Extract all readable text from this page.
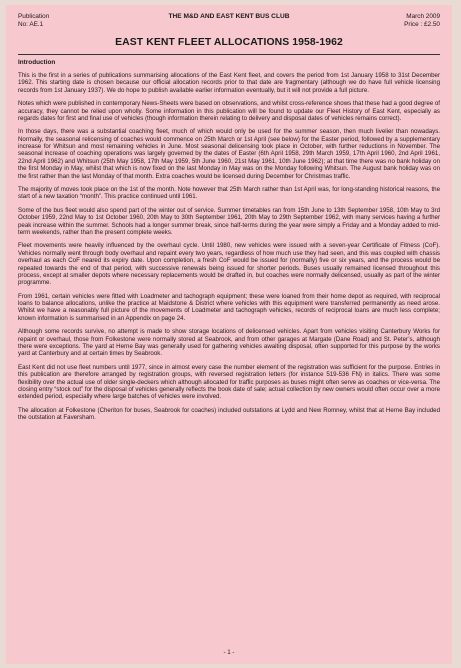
Publication
No: AE.1
THE M&D AND EAST KENT BUS CLUB	March 2009
Price : £2.50
EAST KENT FLEET ALLOCATIONS 1958-1962
Introduction

This is the first in a series of publications summarising allocations of the East Kent fleet, and covers the period from 1st January 1958 to 31st December 1962. This starting date is chosen because our official allocation records prior to that date are fragmentary (although we do have full vehicle licensing records from 1st January 1937). We do hope to publish available earlier information eventually, but it will not provide a full picture.

Notes which were published in contemporary News-Sheets were based on observations, and whilst cross-reference shows that these had a good degree of accuracy, they cannot be relied upon wholly. Some information in this publication will be found to update our Fleet History of East Kent, especially as regards dates for first and final use of vehicles (though information therein relating to delivery and disposal dates of vehicles remains correct).

In those days, there was a substantial coaching fleet, much of which would only be used for the summer season, then much livelier than nowadays. Normally, the seasonal relicensing of coaches would commence on 25th March or 1st April (see below) for the Easter period, followed by a supplementary increase for Whitsun and most remaining vehicles in June. Most seasonal delicensing took place in October, with further reductions in November. The seasonal increase of coaching operations was largely governed by the dates of Easter (6th April 1958, 29th March 1959, 17th April 1960, 2nd April 1961, 22nd April 1962) and Whitsun (25th May 1958, 17th May 1959, 5th June 1960, 21st May 1961, 10th June 1962); at that time there was no bank holiday on the first Monday in May, whilst that which is now fixed on the last Monday in May was on the Monday following Whitsun. The August bank holiday was on the first rather than the last Monday of that month. Extra coaches would be licensed during December for Christmas traffic.

The majority of moves took place on the 1st of the month. Note however that 25th March rather than 1st April was, for long-standing historical reasons, the start of a new taxation “month”. This practice continued until 1961.

Some of the bus fleet would also spend part of the winter out of service. Summer timetables ran from 15th June to 13th September 1958, 10th May to 3rd October 1959, 22nd May to 1st October 1960, 20th May to 30th September 1961, 20th May to 29th September 1962, with many services having a further peak increase within the summer. Schools had a longer summer break, since half-terms during the year were simply a Friday and a Monday added to mid-term weekends, rather than the present complete weeks.

Fleet movements were heavily influenced by the overhaul cycle. Until 1980, new vehicles were issued with a seven-year Certificate of Fitness (CoF). Vehicles normally went through body overhaul and repaint every two years, regardless of how much use they had seen, and this was coupled with chassis overhaul as each CoF neared its expiry date. Upon completion, a fresh CoF would be issued for (normally) five or six years, and the process would be repeated towards the end of that period, with successive renewals being issued for shorter periods. Buses usually remained licensed throughout this process, except at smaller depots where necessary replacements would be drafted in, but coaches were normally delicensed, usually as part of the winter programme.

From 1961, certain vehicles were fitted with Loadmeter and tachograph equipment; these were loaned from their home depot as required, with reciprocal loans to balance allocations, unlike the practice at Maidstone & District where vehicles with this equipment were transferred permanently as need arose. Whilst we have a reasonably full picture of the movements of Loadmeter and tachograph vehicles, records of reciprocal loans are much less complete; known information is summarised in an Appendix on page 24.

Although some records survive, no attempt is made to show storage locations of delicensed vehicles. Apart from vehicles visiting Canterbury Works for repaint or overhaul, those from Folkestone were normally stored at Seabrook, and from other garages at Margate (Dane Road) and St. Peter’s, although there were exceptions. The yard at Herne Bay was generally used for gathering vehicles awaiting disposal, often supported for this purpose by the works yard at Canterbury and at certain times by Seabrook.

East Kent did not use fleet numbers until 1977, since in almost every case the number element of the registration was sufficient for the purpose. Entries in this publication are therefore arranged by registration groups, with reversed registration letters (for instance 519-536 FN) in italics. There was some flexibility over the actual use of older single-deckers which although allocated for traffic purposes as buses might often serve as coaches or vice-versa. The closing entry “stock out” for the disposal of vehicles generally reflects the book date of sale; actual collection by new owners would often occur over a more extended period, especially where large batches of vehicles were involved.

The allocation at Folkestone (Cheriton for buses, Seabrook for coaches) included outstations at Lydd and New Romney, whilst that at Herne Bay included the outstation at Faversham.

- 1 -
